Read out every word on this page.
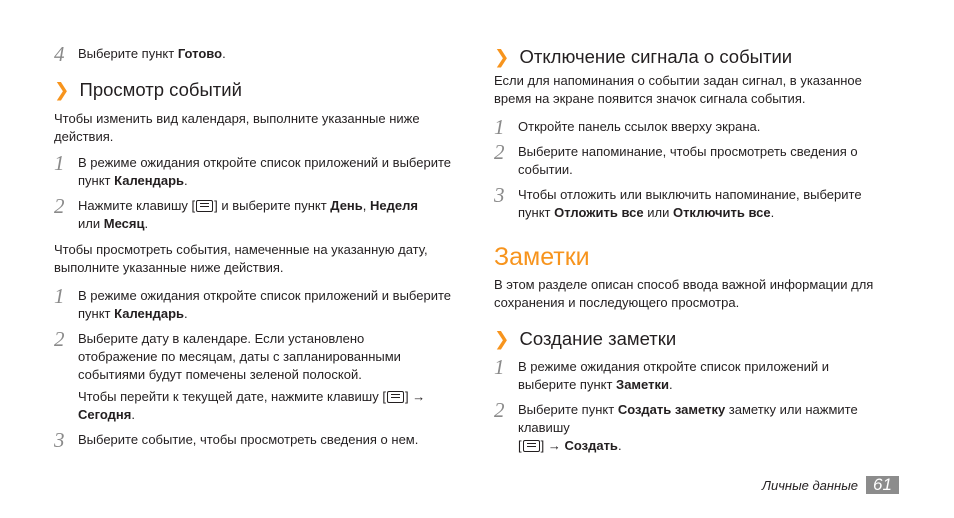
4 Выберите пункт Готово.
❯ Просмотр событий
Чтобы изменить вид календаря, выполните указанные ниже действия.
1 В режиме ожидания откройте список приложений и выберите пункт Календарь.
2 Нажмите клавишу [ ] и выберите пункт День, Неделя
или Месяц.
Чтобы просмотреть события, намеченные на указанную дату, выполните указанные ниже действия.
1 В режиме ожидания откройте список приложений и выберите пункт Календарь.
2 Выберите дату в календаре. Если установлено отображение по месяцам, даты с запланированными событиями будут помечены зеленой полоской.
Чтобы перейти к текущей дате, нажмите клавишу [ ] →
Сегодня.
3 Выберите событие, чтобы просмотреть сведения о нем.
❯ Отключение сигнала о событии
Если для напоминания о событии задан сигнал, в указанное время на экране появится значок сигнала события.
1 Откройте панель ссылок вверху экрана.
2 Выберите напоминание, чтобы просмотреть сведения о событии.
3 Чтобы отложить или выключить напоминание, выберите пункт Отложить все или Отключить все.
Заметки
В этом разделе описан способ ввода важной информации для сохранения и последующего просмотра.
❯ Создание заметки
1 В режиме ожидания откройте список приложений и выберите пункт Заметки.
2 Выберите пункт Создать заметку заметку или нажмите клавишу
[ ] → Создать.
Личные данные 61
